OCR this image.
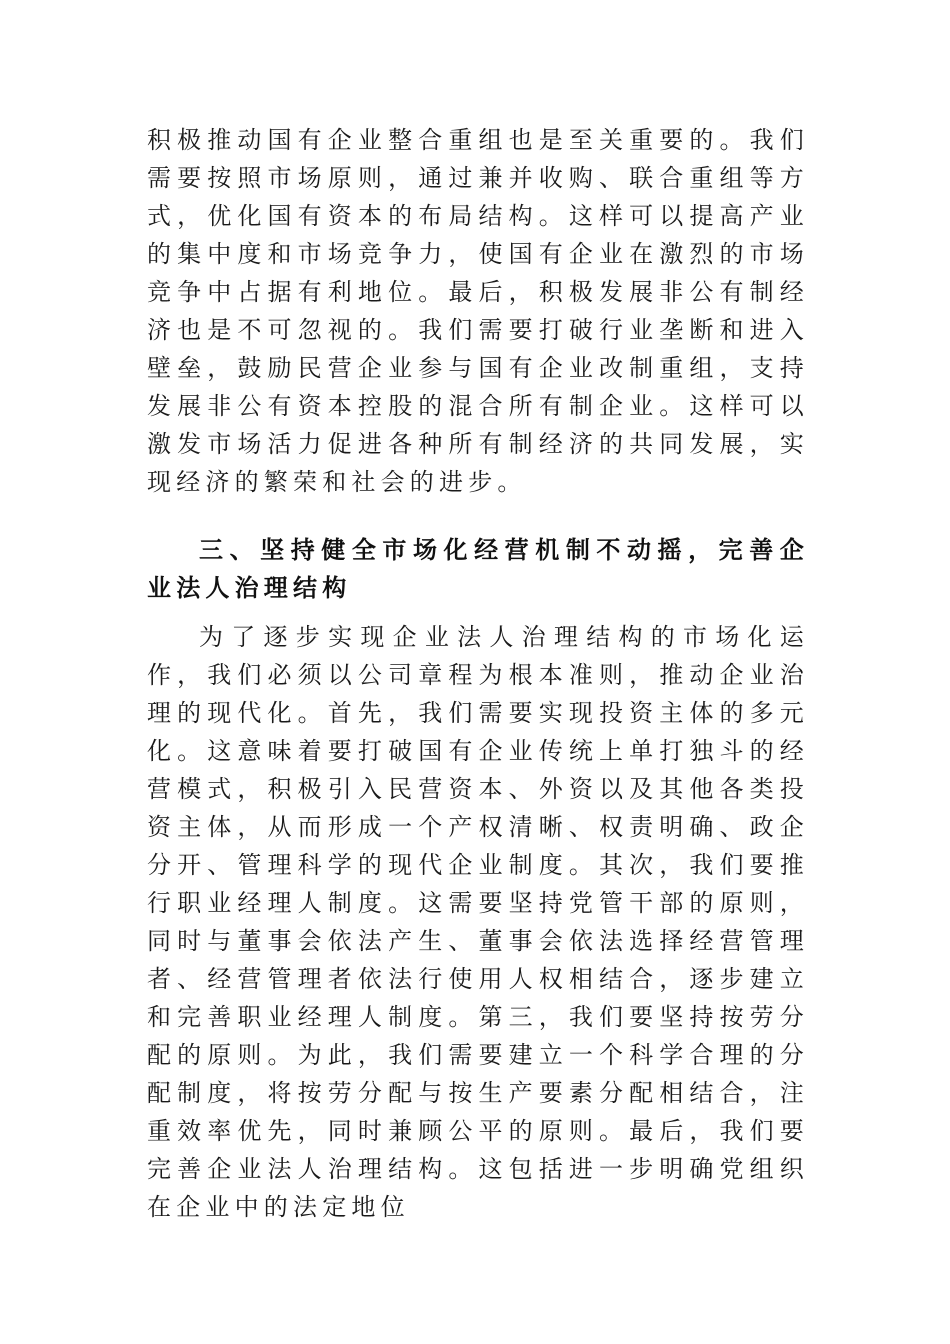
积极推动国有企业整合重组也是至关重要的。我们需要按照市场原则，通过兼并收购、联合重组等方式，优化国有资本的布局结构。这样可以提高产业的集中度和市场竞争力，使国有企业在激烈的市场竞争中占据有利地位。最后，积极发展非公有制经济也是不可忽视的。我们需要打破行业垄断和进入壁垒，鼓励民营企业参与国有企业改制重组，支持发展非公有资本控股的混合所有制企业。这样可以激发市场活力促进各种所有制经济的共同发展，实现经济的繁荣和社会的进步。

三、坚持健全市场化经营机制不动摇，完善企业法人治理结构

为了逐步实现企业法人治理结构的市场化运作，我们必须以公司章程为根本准则，推动企业治理的现代化。首先，我们需要实现投资主体的多元化。这意味着要打破国有企业传统上单打独斗的经营模式，积极引入民营资本、外资以及其他各类投资主体，从而形成一个产权清晰、权责明确、政企分开、管理科学的现代企业制度。其次，我们要推行职业经理人制度。这需要坚持党管干部的原则，同时与董事会依法产生、董事会依法选择经营管理者、经营管理者依法行使用人权相结合，逐步建立和完善职业经理人制度。第三，我们要坚持按劳分配的原则。为此，我们需要建立一个科学合理的分配制度，将按劳分配与按生产要素分配相结合，注重效率优先，同时兼顾公平的原则。最后，我们要完善企业法人治理结构。这包括进一步明确党组织在企业中的法定地位
